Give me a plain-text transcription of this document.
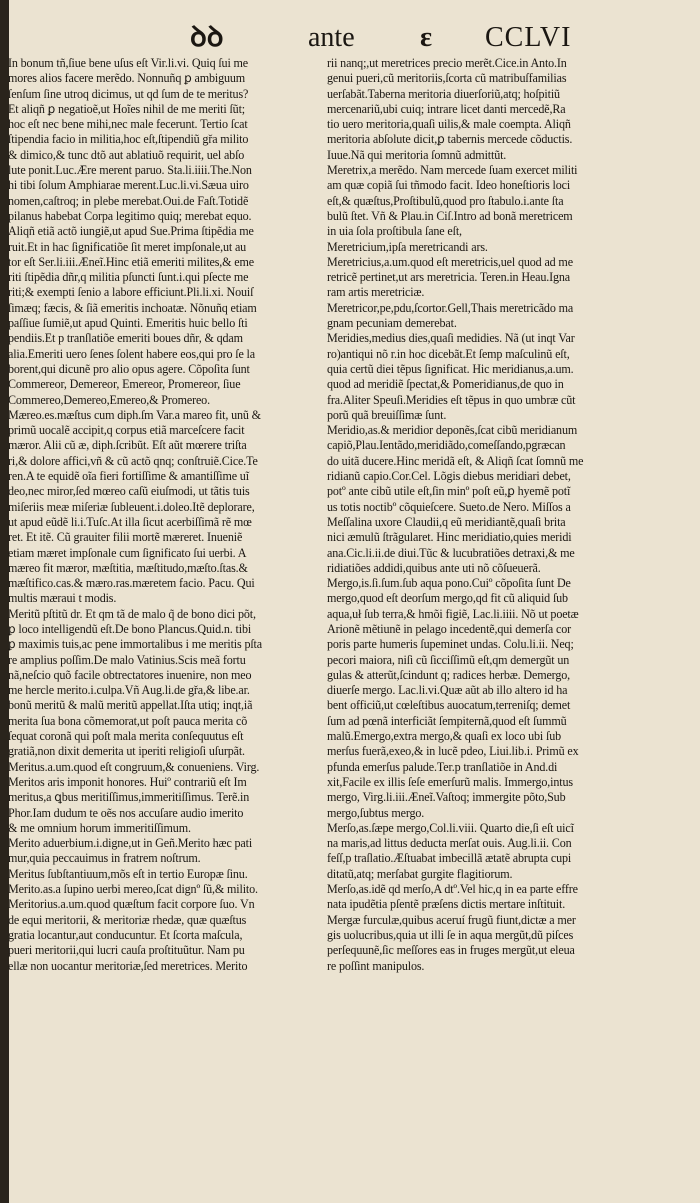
ꝺꝺ	ante ɛ CCLVI
In bonum tñ,ſiue bene uſus eſt Vir.li.vi. Quiq ſui me
mores alios facere merẽdo. Nonnuñq ꝑ ambiguum
ſenſum ſine utroq dicimus, ut qd ſum de te meritus?
Et aliqñ ꝑ negatioẽ,ut Hoĩes nihil de me meriti ſũt;
hoc eſt nec bene mihi,nec male fecerunt. Tertio ſcat
ſtipendia facio in militia,hoc eſt,ſtipendiũ gřa milito
& dimico,& tunc dtõ aut ablatiuõ requirit, uel abſo
lute ponit.Luc.Ære merent paruo. Sta.li.iiii.The.Non
hi tibi ſolum Amphiarae merent.Luc.li.vi.Sæua uiro
nomen,caſtroq; in plebe merebat.Oui.de Faſt.Totidẽ
pilanus habebat Corpa legitimo quiq; merebat equo.
Aliqñ etiã actõ iungiẽ,ut apud Sue.Prima ſtipẽdia me
ruit.Et in hac ſignificatiõe ſit meret impſonale,ut au
tor eſt Ser.li.iii.Æneĩ.Hinc etiã emeriti milites,& eme
riti ſtipẽdia dñr,q militia pſuncti ſunt.i.qui pſecte me
riti;& exempti ſenio a labore efficiunt.Pli.li.xi. Nouiſ
ſimæq; fæcis, & ſiã emeritis inchoatæ. Nõnuñq etiam
paſſiue ſumiẽ,ut apud Quinti. Emeritis huic bello ſti
pendiis.Et p tranſlatiõe emeriti boues dñr, & qdam
alia.Emeriti uero ſenes ſolent habere eos,qui pro ſe la
borent,qui dicunẽ pro alio opus agere. Cõpoſita ſunt
Commereor, Demereor, Emereor, Promereor, ſiue
Commereo,Demereo,Emereo,& Promereo.
Mæreo.es.mæſtus cum diph.ſm Var.a mareo fit, unũ &
primũ uocalẽ accipit,q corpus etiã marceſcere facit
mæror. Alii cũ æ, diph.ſcribũt. Eſt aũt mœrere triſta
ri,& dolore affici,vñ & cũ actõ qnq; conſtruiẽ.Cice.Te
ren.A te equidẽ oĩa fieri fortiſſime & amantiſſime uĩ
deo,nec miror,ſed mœreo caſũ eiuſmodi, ut tãtis tuis
miſeriis meæ miſeriæ ſubleuent.i.doleo.Itẽ deplorare,
ut apud eũdẽ li.i.Tuſc.At illa ſicut acerbiſſimã rẽ mœ
ret. Et itẽ. Cũ grauiter filii mortẽ mæreret. Inueniẽ
etiam mæret impſonale cum ſignificato ſui uerbi. A
mæreo fit mæror, mæſtitia, mæſtitudo,mæſto.ſtas.&
mæſtifico.cas.& mæro.ras.mæretem facio. Pacu. Qui
multis mæraui t modis.
Meritũ pſtitũ dr. Et qm tã de malo q̃ de bono dici põt,
ꝑ loco intelligendũ eſt.De bono Plancus.Quid.n. tibi
ꝑ maximis tuis,ac pene immortalibus i me meritis pſta
re amplius poſſim.De malo Vatinius.Scis meã fortu
nã,neſcio quõ facile obtrectatores inuenire, non meo
me hercle merito.i.culpa.Vñ Aug.li.de gřa,& libe.ar.
bonũ meritũ & malũ meritũ appellat.Iſta utiq; inqt,iã
merita ſua bona cõmemorat,ut poſt pauca merita cõ
ſequat coronã qui poſt mala merita conſequutus eſt
gratiã,non dixit demerita ut iperiti religioſi uſurpãt.
Meritus.a.um.quod eſt congruum,& conueniens. Virg.
Meritos aris imponit honores. Huiº contrariũ eſt Im
meritus,a ꝗbus meritiſſimus,immeritiſſimus. Terẽ.in
Phor.Iam dudum te oẽs nos accuſare audio imerito
& me omnium horum immeritiſſimum.
Merito aduerbium.i.digne,ut in Geñ.Merito hæc pati
mur,quia peccauimus in fratrem noſtrum.
Meritus ſubſtantiuum,mõs eſt in tertio Europæ ſinu.
Merito.as.a ſupino uerbi mereo,ſcat dignº ſũ,& milito.
Meritorius.a.um.quod quæſtum facit corpore ſuo. Vn
de equi meritorii, & meritoriæ rhedæ, quæ quæſtus
gratia locantur,aut conducuntur. Et ſcorta maſcula,
pueri meritorii,qui lucri cauſa proſtituũtur. Nam pu
ellæ non uocantur meritoriæ,ſed meretrices. Merito
rii nanq;,ut meretrices precio merẽt.Cice.in Anto.In
genui pueri,cũ meritoriis,ſcorta cũ matribuſfamilias
uerſabãt.Taberna meritoria diuerſoriũ,atq; hoſpitiũ
mercenariũ,ubi cuiq; intrare licet danti mercedẽ,Ra
tio uero meritoria,quaſi uilis,& male coempta. Aliqñ
meritoria abſolute dicit,ꝑ tabernis mercede cõductis.
Iuue.Nã qui meritoria ſomnũ admittũt.
Meretrix,a merẽdo. Nam mercede ſuam exercet militi
am quæ copiã ſui tñmodo facit. Ideo honeſtioris loci
eſt,& quæſtus,Proſtibulũ,quod pro ſtabulo.i.ante ſta
bulũ ſtet. Vñ & Plau.in Ciſ.Intro ad bonã meretricem
in uia ſola proſtibula ſane eſt,
Meretricium,ipſa meretricandi ars.
Meretricius,a.um.quod eſt meretricis,uel quod ad me
retricẽ pertinet,ut ars meretricia. Teren.in Heau.Igna
ram artis meretriciæ.
Meretricor,pe,pdu,ſcortor.Gell,Thais meretricãdo ma
gnam pecuniam demerebat.
Meridies,medius dies,quaſi medidies. Nã (ut inqt Var
ro)antiqui nõ r.in hoc dicebãt.Et ſemp maſculinũ eſt,
quia certũ diei tẽpus ſignificat. Hic meridianus,a.um.
quod ad meridiẽ ſpectat,& Pomeridianus,de quo in
fra.Aliter Speuſi.Meridies eſt tẽpus in quo umbræ cũt
porũ quã breuiſſimæ ſunt.
Meridio,as.& meridior deponẽs,ſcat cibũ meridianum
capiõ,Plau.Ientãdo,meridiãdo,comeſſando,pgræcan
do uitã ducere.Hinc meridã eſt, & Aliqñ ſcat ſomnũ me
ridianũ capio.Cor.Cel. Lõgis diebus meridiari debet,
potº ante cibũ utile eſt,ſin minº poſt eũ,ꝑ hyemẽ potĩ
us totis noctibº cõquieſcere. Sueto.de Nero. Miſſos a
Meſſalina uxore Claudii,q eũ meridiantẽ,quaſi brita
nici æmulũ ſtrãgularet. Hinc meridiatio,quies meridi
ana.Cic.li.ii.de diui.Tũc & lucubratiões detraxi,& me
ridiatiões addidi,quibus ante uti nõ cõſueuerã.
Mergo,is.ſi.ſum.ſub aqua pono.Cuiº cõpoſita ſunt De
mergo,quod eſt deorſum mergo,qd fit cũ aliquid ſub
aqua,uł ſub terra,& hmõi figiẽ, Lac.li.iiii. Nõ ut poetæ
Arionẽ mẽtiunẽ in pelago incedentẽ,qui demerſa cor
poris parte humeris ſupeminet undas. Colu.li.ii. Neq;
pecori maiora, niſi cũ ſicciſſimũ eſt,qm demergũt un
gulas & atterũt,ſcindunt q; radices herbæ. Demergo,
diuerſe mergo. Lac.li.vi.Quæ aũt ab illo altero id ha
bent officiũ,ut cœleſtibus auocatum,terreniſq; demet
ſum ad pœnã interficiãt ſempiternã,quod eſt ſummũ
malũ.Emergo,extra mergo,& quaſi ex loco ubi ſub
merſus fuerã,exeo,& in lucẽ pdeo, Liui.lib.i. Primũ ex
pfunda emerſus palude.Ter.p tranſlatiõe in And.di
xit,Facile ex illis ſeſe emerſurũ malis. Immergo,intus
mergo, Virg.li.iii.Æneĩ.Vaſtoq; immergite põto,Sub
mergo,ſubtus mergo.
Merſo,as.ſæpe mergo,Col.li.viii. Quarto die,ſi eſt uicĩ
na maris,ad littus deducta merſat ouis. Aug.li.ii. Con
feſſ,p traſlatio.Æſtuabat imbecillã ætatẽ abrupta cupi
ditatũ,atq; merſabat gurgite flagitiorum.
Merſo,as.idẽ qd merſo,A dtº.Vel hic,q in ea parte effre
nata ipudẽtia pſentẽ præſens dictis mertare inſtituit.
Mergæ furculæ,quibus aceruí frugũ fiunt,dictæ a mer
gis uolucribus,quia ut illi ſe in aqua mergũt,dũ piſces
perſequunẽ,ſic meſſores eas in fruges mergũt,ut eleua
re poſſint manipulos.
